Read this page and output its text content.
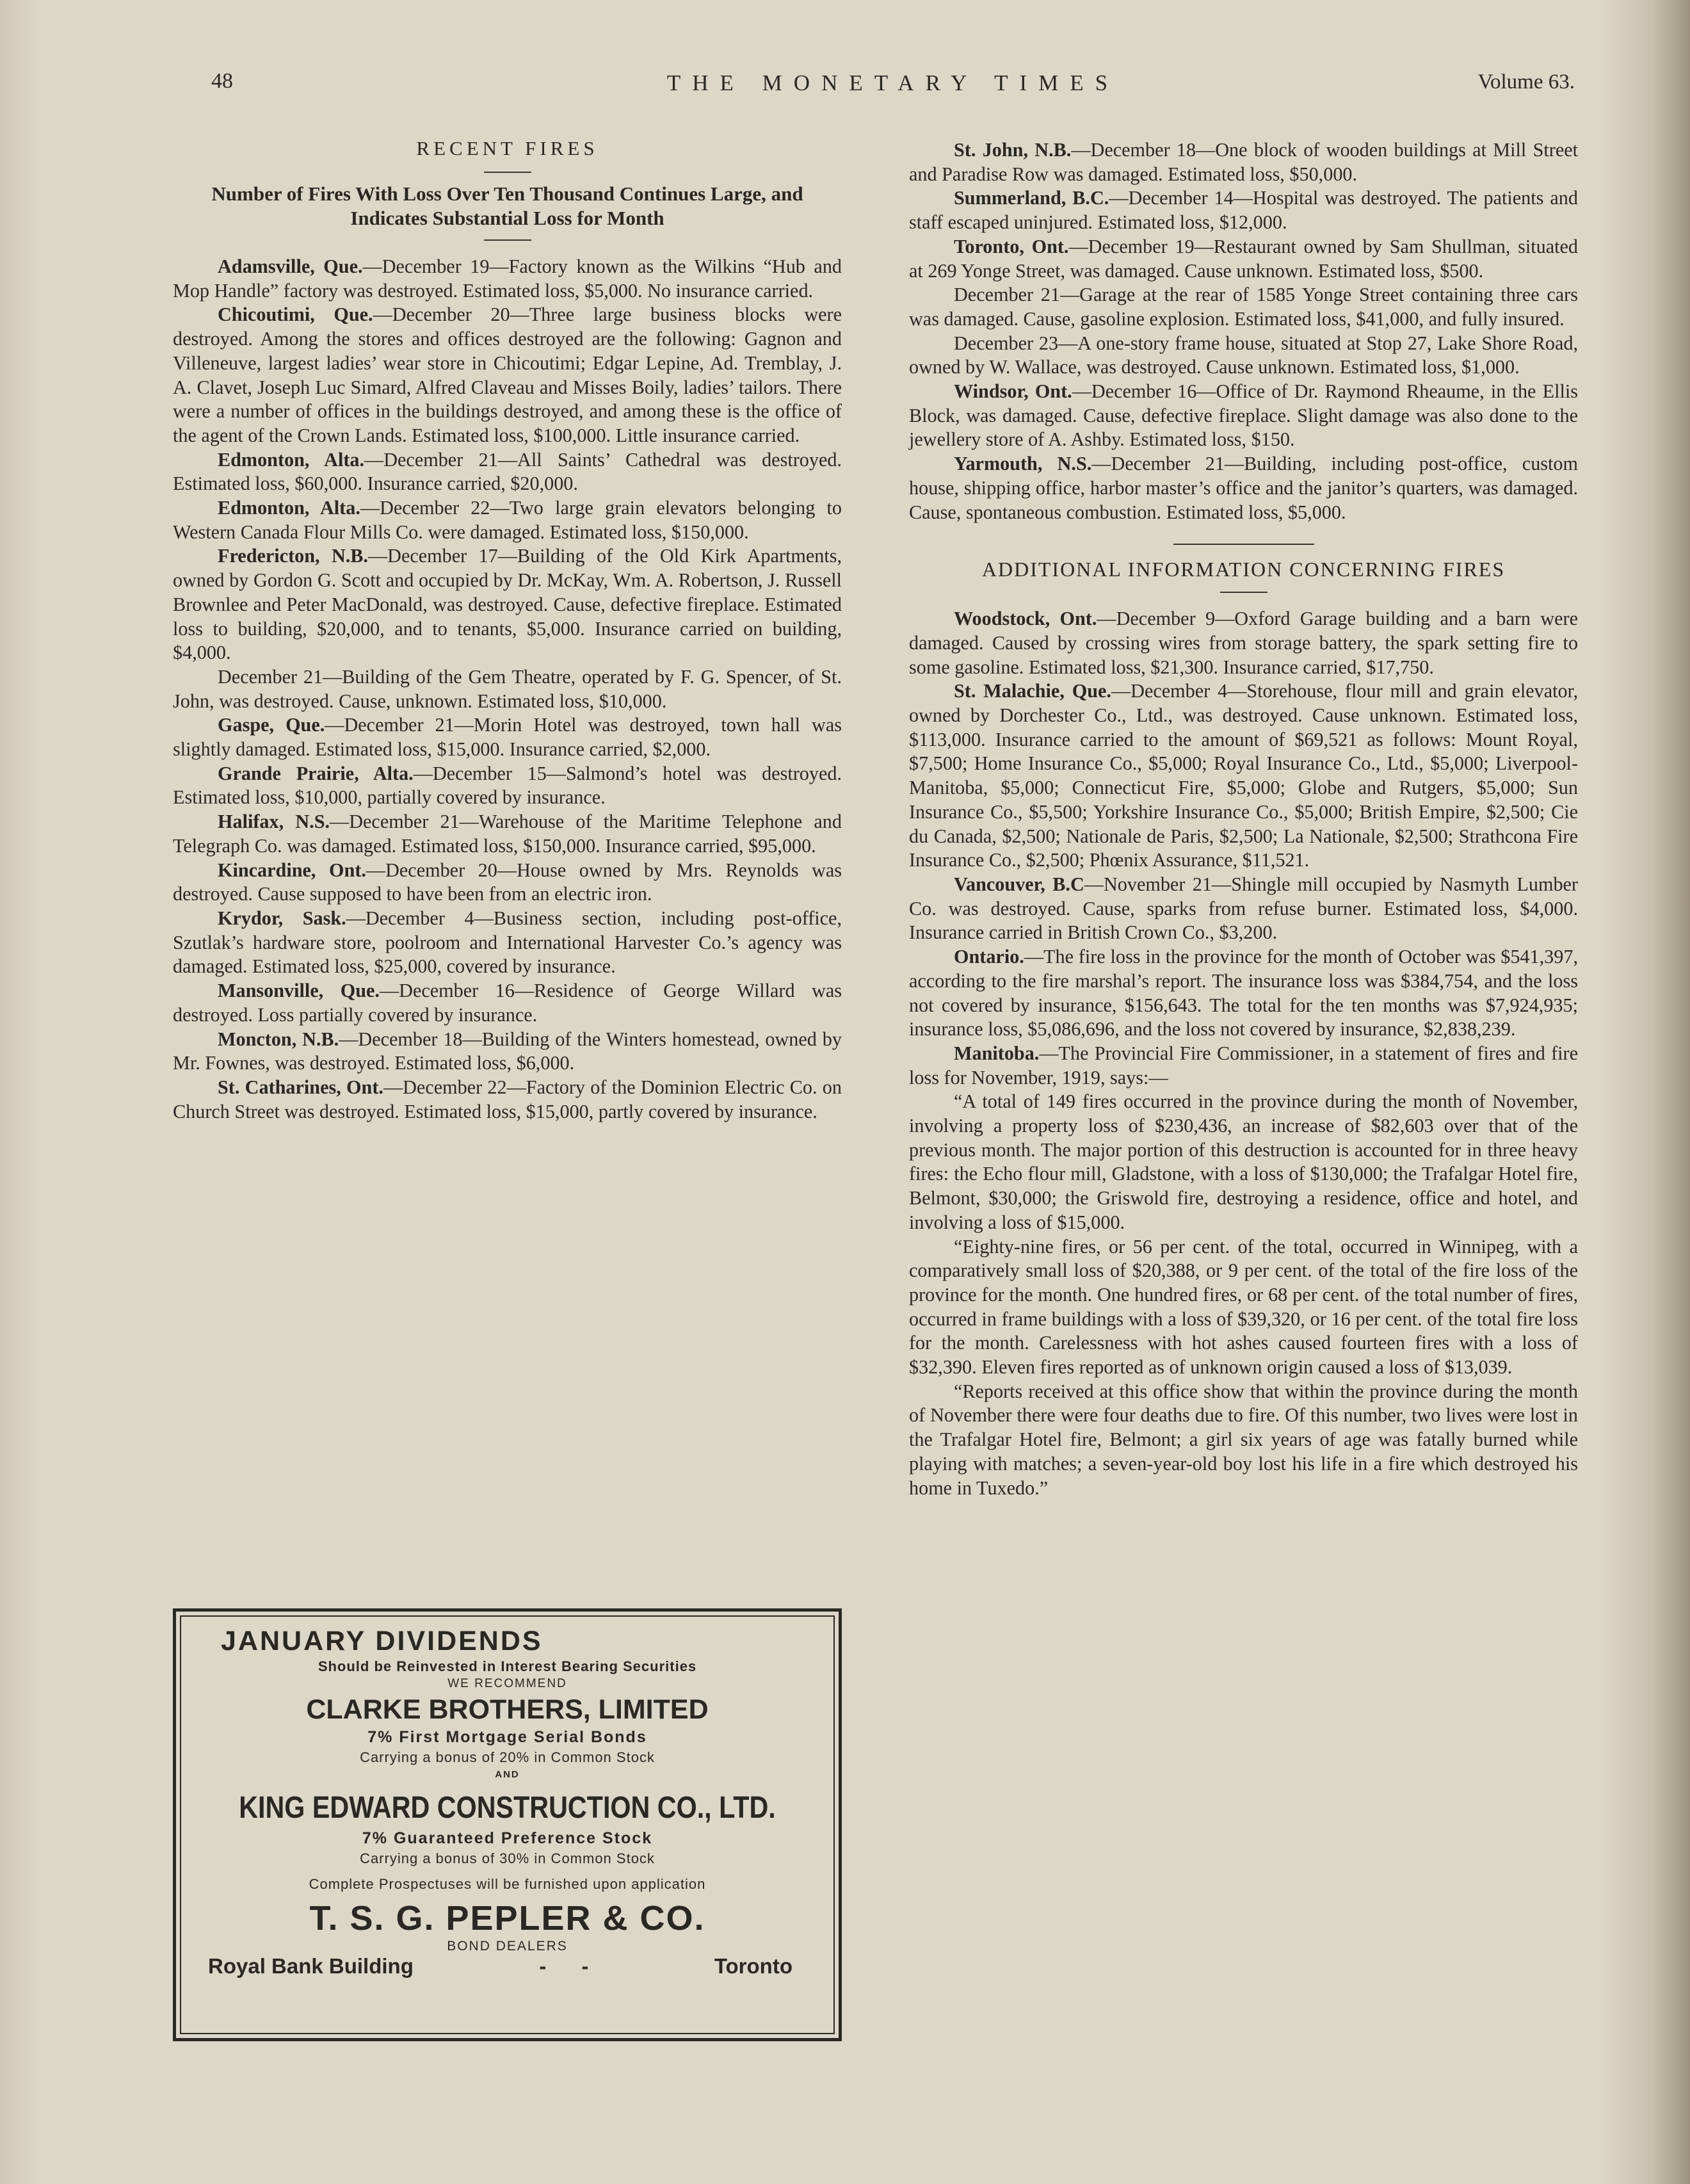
48	THE MONETARY TIMES	Volume 63.
RECENT FIRES
Number of Fires With Loss Over Ten Thousand Continues Large, and Indicates Substantial Loss for Month

Adamsville, Que.—December 19—Factory known as the Wilkins “Hub and Mop Handle” factory was destroyed. Estimated loss, $5,000. No insurance carried.

Chicoutimi, Que.—December 20—Three large business blocks were destroyed. Among the stores and offices destroyed are the following: Gagnon and Villeneuve, largest ladies’ wear store in Chicoutimi; Edgar Lepine, Ad. Tremblay, J. A. Clavet, Joseph Luc Simard, Alfred Claveau and Misses Boily, ladies’ tailors. There were a number of offices in the buildings destroyed, and among these is the office of the agent of the Crown Lands. Estimated loss, $100,000. Little insurance carried.

Edmonton, Alta.—December 21—All Saints’ Cathedral was destroyed. Estimated loss, $60,000. Insurance carried, $20,000.

Edmonton, Alta.—December 22—Two large grain elevators belonging to Western Canada Flour Mills Co. were damaged. Estimated loss, $150,000.

Fredericton, N.B.—December 17—Building of the Old Kirk Apartments, owned by Gordon G. Scott and occupied by Dr. McKay, Wm. A. Robertson, J. Russell Brownlee and Peter MacDonald, was destroyed. Cause, defective fireplace. Estimated loss to building, $20,000, and to tenants, $5,000. Insurance carried on building, $4,000.

December 21—Building of the Gem Theatre, operated by F. G. Spencer, of St. John, was destroyed. Cause, unknown. Estimated loss, $10,000.

Gaspe, Que.—December 21—Morin Hotel was destroyed, town hall was slightly damaged. Estimated loss, $15,000. Insurance carried, $2,000.

Grande Prairie, Alta.—December 15—Salmond’s hotel was destroyed. Estimated loss, $10,000, partially covered by insurance.

Halifax, N.S.—December 21—Warehouse of the Maritime Telephone and Telegraph Co. was damaged. Estimated loss, $150,000. Insurance carried, $95,000.

Kincardine, Ont.—December 20—House owned by Mrs. Reynolds was destroyed. Cause supposed to have been from an electric iron.

Krydor, Sask.—December 4—Business section, including post-office, Szutlak’s hardware store, poolroom and International Harvester Co.’s agency was damaged. Estimated loss, $25,000, covered by insurance.

Mansonville, Que.—December 16—Residence of George Willard was destroyed. Loss partially covered by insurance.

Moncton, N.B.—December 18—Building of the Winters homestead, owned by Mr. Fownes, was destroyed. Estimated loss, $6,000.

St. Catharines, Ont.—December 22—Factory of the Dominion Electric Co. on Church Street was destroyed. Estimated loss, $15,000, partly covered by insurance.

St. John, N.B.—December 18—One block of wooden buildings at Mill Street and Paradise Row was damaged. Estimated loss, $50,000.

Summerland, B.C.—December 14—Hospital was destroyed. The patients and staff escaped uninjured. Estimated loss, $12,000.

Toronto, Ont.—December 19—Restaurant owned by Sam Shullman, situated at 269 Yonge Street, was damaged. Cause unknown. Estimated loss, $500.

December 21—Garage at the rear of 1585 Yonge Street containing three cars was damaged. Cause, gasoline explosion. Estimated loss, $41,000, and fully insured.

December 23—A one-story frame house, situated at Stop 27, Lake Shore Road, owned by W. Wallace, was destroyed. Cause unknown. Estimated loss, $1,000.

Windsor, Ont.—December 16—Office of Dr. Raymond Rheaume, in the Ellis Block, was damaged. Cause, defective fireplace. Slight damage was also done to the jewellery store of A. Ashby. Estimated loss, $150.

Yarmouth, N.S.—December 21—Building, including post-office, custom house, shipping office, harbor master’s office and the janitor’s quarters, was damaged. Cause, spontaneous combustion. Estimated loss, $5,000.

ADDITIONAL INFORMATION CONCERNING FIRES

Woodstock, Ont.—December 9—Oxford Garage building and a barn were damaged. Caused by crossing wires from storage battery, the spark setting fire to some gasoline. Estimated loss, $21,300. Insurance carried, $17,750.

St. Malachie, Que.—December 4—Storehouse, flour mill and grain elevator, owned by Dorchester Co., Ltd., was destroyed. Cause unknown. Estimated loss, $113,000. Insurance carried to the amount of $69,521 as follows: Mount Royal, $7,500; Home Insurance Co., $5,000; Royal Insurance Co., Ltd., $5,000; Liverpool-Manitoba, $5,000; Connecticut Fire, $5,000; Globe and Rutgers, $5,000; Sun Insurance Co., $5,500; Yorkshire Insurance Co., $5,000; British Empire, $2,500; Cie du Canada, $2,500; Nationale de Paris, $2,500; La Nationale, $2,500; Strathcona Fire Insurance Co., $2,500; Phœnix Assurance, $11,521.

Vancouver, B.C—November 21—Shingle mill occupied by Nasmyth Lumber Co. was destroyed. Cause, sparks from refuse burner. Estimated loss, $4,000. Insurance carried in British Crown Co., $3,200.

Ontario.—The fire loss in the province for the month of October was $541,397, according to the fire marshal’s report. The insurance loss was $384,754, and the loss not covered by insurance, $156,643. The total for the ten months was $7,924,935; insurance loss, $5,086,696, and the loss not covered by insurance, $2,838,239.

Manitoba.—The Provincial Fire Commissioner, in a statement of fires and fire loss for November, 1919, says:—

“A total of 149 fires occurred in the province during the month of November, involving a property loss of $230,436, an increase of $82,603 over that of the previous month. The major portion of this destruction is accounted for in three heavy fires: the Echo flour mill, Gladstone, with a loss of $130,000; the Trafalgar Hotel fire, Belmont, $30,000; the Griswold fire, destroying a residence, office and hotel, and involving a loss of $15,000.

“Eighty-nine fires, or 56 per cent. of the total, occurred in Winnipeg, with a comparatively small loss of $20,388, or 9 per cent. of the total of the fire loss of the province for the month. One hundred fires, or 68 per cent. of the total number of fires, occurred in frame buildings with a loss of $39,320, or 16 per cent. of the total fire loss for the month. Carelessness with hot ashes caused fourteen fires with a loss of $32,390. Eleven fires reported as of unknown origin caused a loss of $13,039.

“Reports received at this office show that within the province during the month of November there were four deaths due to fire. Of this number, two lives were lost in the Trafalgar Hotel fire, Belmont; a girl six years of age was fatally burned while playing with matches; a seven-year-old boy lost his life in a fire which destroyed his home in Tuxedo.”

JANUARY DIVIDENDS
Should be Reinvested in Interest Bearing Securities
WE RECOMMEND
CLARKE BROTHERS, LIMITED
7% First Mortgage Serial Bonds
Carrying a bonus of 20% in Common Stock
AND
KING EDWARD CONSTRUCTION CO., LTD.
7% Guaranteed Preference Stock
Carrying a bonus of 30% in Common Stock
Complete Prospectuses will be furnished upon application
T. S. G. PEPLER & CO.
BOND DEALERS
Royal Bank Building	-      -	Toronto
